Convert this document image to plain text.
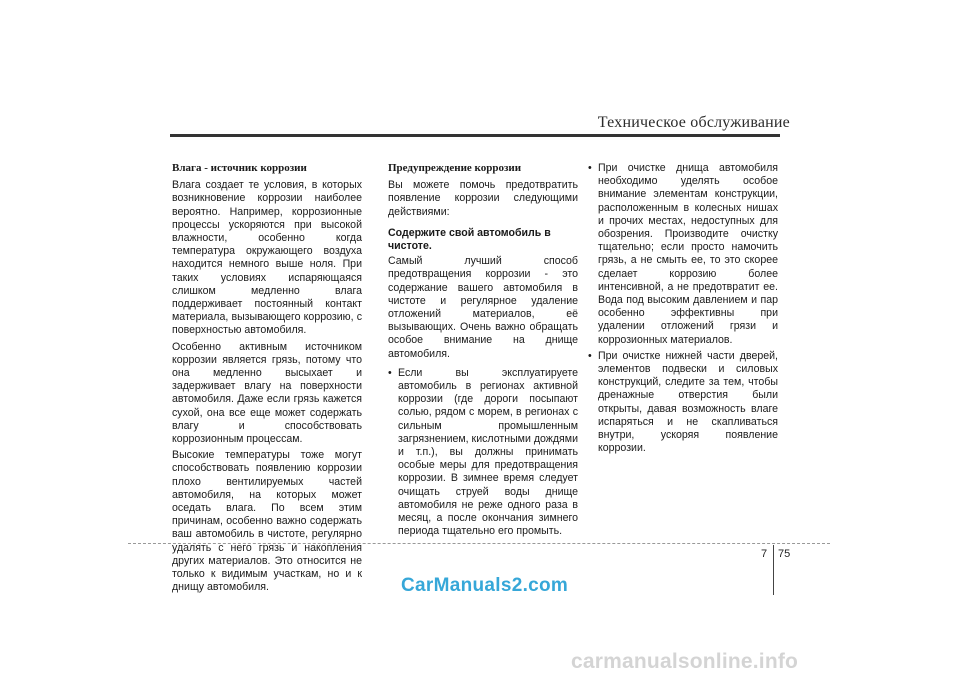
Техническое обслуживание
Влага - источник коррозии

Влага создает те условия, в которых возникновение коррозии наиболее вероятно. Например, коррозионные процессы ускоряются при высокой влажности, особенно когда температура окружающего воздуха находится немного выше ноля. При таких условиях испаряющаяся слишком медленно влага поддерживает постоянный контакт материала, вызывающего коррозию, с поверхностью автомобиля.

Особенно активным источником коррозии является грязь, потому что она медленно высыхает и задерживает влагу на поверхности автомобиля. Даже если грязь кажется сухой, она все еще может содержать влагу и способствовать коррозионным процессам.

Высокие температуры тоже могут способствовать появлению коррозии плохо вентилируемых частей автомобиля, на которых может оседать влага. По всем этим причинам, особенно важно содержать ваш автомобиль в чистоте, регулярно удалять с него грязь и накопления других материалов. Это относится не только к видимым участкам, но и к днищу автомобиля.

Предупреждение коррозии

Вы можете помочь предотвратить появление коррозии следующими действиями:

Содержите свой автомобиль в чистоте.

Самый лучший способ предотвращения коррозии - это содержание вашего автомобиля в чистоте и регулярное удаление отложений материалов, её вызывающих. Очень важно обращать особое внимание на днище автомобиля.

• Если вы эксплуатируете автомобиль в регионах активной коррозии (где дороги посыпают солью, рядом с морем, в регионах с сильным промышленным загрязнением, кислотными дождями и т.п.), вы должны принимать особые меры для предотвращения коррозии. В зимнее время следует очищать струей воды днище автомобиля не реже одного раза в месяц, а после окончания зимнего периода тщательно его промыть.
• При очистке днища автомобиля необходимо уделять особое внимание элементам конструкции, расположенным в колесных нишах и прочих местах, недоступных для обозрения. Производите очистку тщательно; если просто намочить грязь, а не смыть ее, то это скорее сделает коррозию более интенсивной, а не предотвратит ее. Вода под высоким давлением и пар особенно эффективны при удалении отложений грязи и коррозионных материалов.
• При очистке нижней части дверей, элементов подвески и силовых конструкций, следите за тем, чтобы дренажные отверстия были открыты, давая возможность влаге испаряться и не скапливаться внутри, ускоряя появление коррозии.
7 75
CarManuals2.com
carmanualsonline.info
